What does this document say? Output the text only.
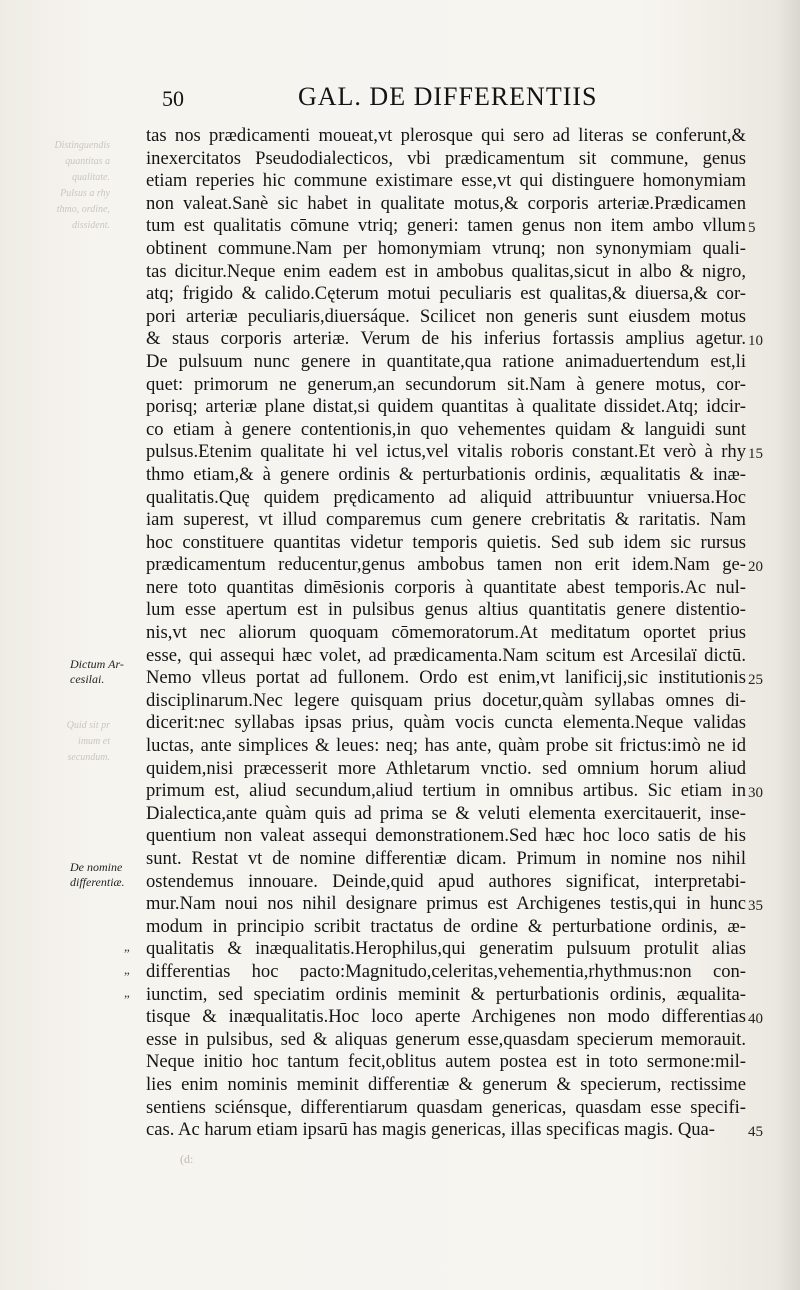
Distinguendis
quantitas a
qualitate.
Pulsus a rhy
thmo, ordine,
dissident.
Quid sit pr
imum et
secundum.
50	GAL. DE DIFFERENTIIS
tas nos prædicamenti moueat,vt plerosque qui sero ad literas se conferunt,&
inexercitatos Pseudodialecticos, vbi prædicamentum sit commune, genus
etiam reperies hic commune existimare esse,vt qui distinguere homonymiam
non valeat.Sanè sic habet in qualitate motus,& corporis arteriæ.Prædicamen
tum est qualitatis cōmune vtriq; generi: tamen genus non item ambo vllum
obtinent commune.Nam per homonymiam vtrunq; non synonymiam quali-
tas dicitur.Neque enim eadem est in ambobus qualitas,sicut in albo & nigro,
atq; frigido & calido.Cęterum motui peculiaris est qualitas,& diuersa,& cor-
pori arteriæ peculiaris,diuersáque. Scilicet non generis sunt eiusdem motus
& staus corporis arteriæ. Verum de his inferius fortassis amplius agetur.
De pulsuum nunc genere in quantitate,qua ratione animaduertendum est,li
quet: primorum ne generum,an secundorum sit.Nam à genere motus, cor-
porisq; arteriæ plane distat,si quidem quantitas à qualitate dissidet.Atq; idcir-
co etiam à genere contentionis,in quo vehementes quidam & languidi sunt
pulsus.Etenim qualitate hi vel ictus,vel vitalis roboris constant.Et verò à rhy
thmo etiam,& à genere ordinis & perturbationis ordinis, æqualitatis & inæ-
qualitatis.Quę quidem prędicamento ad aliquid attribuuntur vniuersa.Hoc
iam superest, vt illud comparemus cum genere crebritatis & raritatis. Nam
hoc constituere quantitas videtur temporis quietis. Sed sub idem sic rursus
prædicamentum reducentur,genus ambobus tamen non erit idem.Nam ge-
nere toto quantitas dimēsionis corporis à quantitate abest temporis.Ac nul-
lum esse apertum est in pulsibus genus altius quantitatis genere distentio-
nis,vt nec aliorum quoquam cōmemoratorum.At meditatum oportet prius
esse, qui assequi hæc volet, ad prædicamenta.Nam scitum est Arcesilaï dictū.
Nemo vlleus portat ad fullonem. Ordo est enim,vt lanificij,sic institutionis
disciplinarum.Nec legere quisquam prius docetur,quàm syllabas omnes di-
dicerit:nec syllabas ipsas prius, quàm vocis cuncta elementa.Neque validas
luctas, ante simplices & leues: neq; has ante, quàm probe sit frictus:imò ne id
quidem,nisi præcesserit more Athletarum vnctio. sed omnium horum aliud
primum est, aliud secundum,aliud tertium in omnibus artibus. Sic etiam in
Dialectica,ante quàm quis ad prima se & veluti elementa exercitauerit, inse-
quentium non valeat assequi demonstrationem.Sed hæc hoc loco satis de his
sunt. Restat vt de nomine differentiæ dicam. Primum in nomine nos nihil
ostendemus innouare. Deinde,quid apud authores significat, interpretabi-
mur.Nam noui nos nihil designare primus est Archigenes testis,qui in hunc
modum in principio scribit tractatus de ordine & perturbatione ordinis, æ-
qualitatis & inæqualitatis.Herophilus,qui generatim pulsuum protulit alias
differentias hoc pacto:Magnitudo,celeritas,vehementia,rhythmus:non con-
iunctim, sed speciatim ordinis meminit & perturbationis ordinis, æqualita-
tisque & inæqualitatis.Hoc loco aperte Archigenes non modo differentias
esse in pulsibus, sed & aliquas generum esse,quasdam specierum memorauit.
Neque initio hoc tantum fecit,oblitus autem postea est in toto sermone:mil-
lies enim nominis meminit differentiæ & generum & specierum, rectissime
sentiens sciénsque, differentiarum quasdam genericas, quasdam esse specifi-
cas. Ac harum etiam ipsarū has magis genericas, illas specificas magis. Qua-
5
10
15
20
25
30
35
40
45
Dictum Ar-
cesilai.
De nomine
differentiæ.
„
„
„
(d:
